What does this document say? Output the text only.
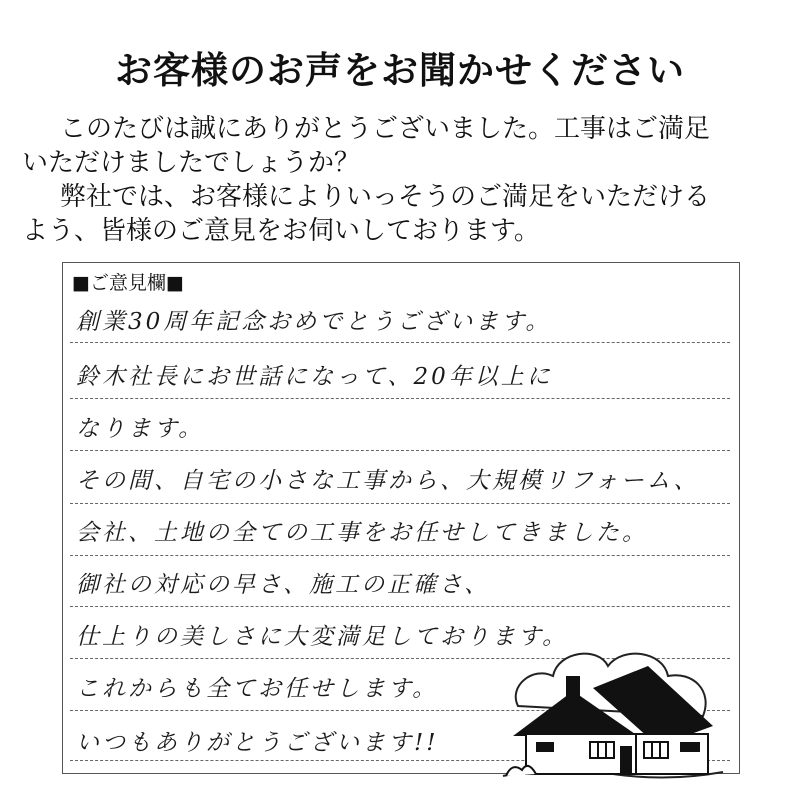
お客様のお声をお聞かせください

このたびは誠にありがとうございました。工事はご満足

いただけましたでしょうか？

弊社では、お客様によりいっそうのご満足をいただける

よう、皆様のご意見をお伺いしております。

■ご意見欄■
創業30周年記念おめでとうございます。
鈴木社長にお世話になって、20年以上に
なります。
その間、自宅の小さな工事から、大規模リフォーム、
会社、土地の全ての工事をお任せしてきました。
御社の対応の早さ、施工の正確さ、
仕上りの美しさに大変満足しております。
これからも全てお任せします。
いつもありがとうございます!!
